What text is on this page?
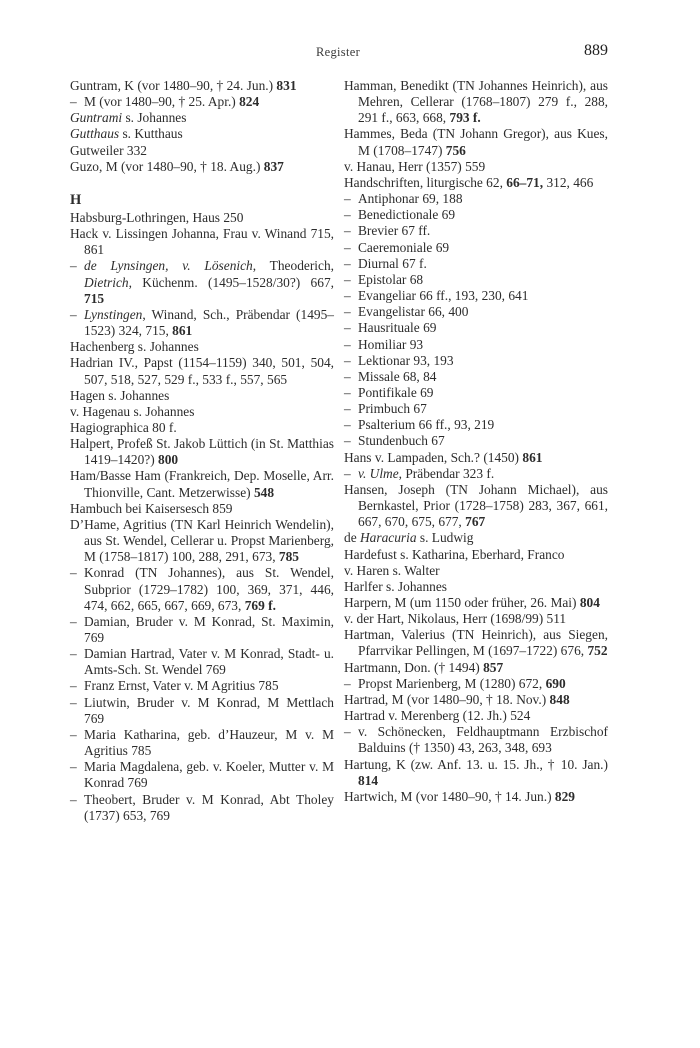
Register	889
Guntram, K (vor 1480–90, † 24. Jun.) 831
– M (vor 1480–90, † 25. Apr.) 824
Guntrami s. Johannes
Gutthaus s. Kutthaus
Gutweiler 332
Guzo, M (vor 1480–90, † 18. Aug.) 837
H
Habsburg-Lothringen, Haus 250
Hack v. Lissingen Johanna, Frau v. Winand 715, 861
– de Lynsingen, v. Lösenich, Theoderich, Dietrich, Küchenm. (1495–1528/30?) 667, 715
– Lynstingen, Winand, Sch., Präbendar (1495–1523) 324, 715, 861
Hachenberg s. Johannes
Hadrian IV., Papst (1154–1159) 340, 501, 504, 507, 518, 527, 529 f., 533 f., 557, 565
Hagen s. Johannes
v. Hagenau s. Johannes
Hagiographica 80 f.
Halpert, Profeß St. Jakob Lüttich (in St. Matthias 1419–1420?) 800
Ham/Basse Ham (Frankreich, Dep. Moselle, Arr. Thionville, Cant. Metzerwisse) 548
Hambuch bei Kaisersesch 859
D’Hame, Agritius (TN Karl Heinrich Wendelin), aus St. Wendel, Cellerar u. Propst Marienberg, M (1758–1817) 100, 288, 291, 673, 785
– Konrad (TN Johannes), aus St. Wendel, Subprior (1729–1782) 100, 369, 371, 446, 474, 662, 665, 667, 669, 673, 769 f.
– Damian, Bruder v. M Konrad, St. Maximin, 769
– Damian Hartrad, Vater v. M Konrad, Stadt- u. Amts-Sch. St. Wendel 769
– Franz Ernst, Vater v. M Agritius 785
– Liutwin, Bruder v. M Konrad, M Mettlach 769
– Maria Katharina, geb. d’Hauzeur, M v. M Agritius 785
– Maria Magdalena, geb. v. Koeler, Mutter v. M Konrad 769
– Theobert, Bruder v. M Konrad, Abt Tholey (1737) 653, 769
Hamman, Benedikt (TN Johannes Heinrich), aus Mehren, Cellerar (1768–1807) 279 f., 288, 291 f., 663, 668, 793 f.
Hammes, Beda (TN Johann Gregor), aus Kues, M (1708–1747) 756
v. Hanau, Herr (1357) 559
Handschriften, liturgische 62, 66–71, 312, 466
– Antiphonar 69, 188
– Benedictionale 69
– Brevier 67 ff.
– Caeremoniale 69
– Diurnal 67 f.
– Epistolar 68
– Evangeliar 66 ff., 193, 230, 641
– Evangelistar 66, 400
– Hausrituale 69
– Homiliar 93
– Lektionar 93, 193
– Missale 68, 84
– Pontifikale 69
– Primbuch 67
– Psalterium 66 ff., 93, 219
– Stundenbuch 67
Hans v. Lampaden, Sch.? (1450) 861
– v. Ulme, Präbendar 323 f.
Hansen, Joseph (TN Johann Michael), aus Bernkastel, Prior (1728–1758) 283, 367, 661, 667, 670, 675, 677, 767
de Haracuria s. Ludwig
Hardefust s. Katharina, Eberhard, Franco
v. Haren s. Walter
Harlfer s. Johannes
Harpern, M (um 1150 oder früher, 26. Mai) 804
v. der Hart, Nikolaus, Herr (1698/99) 511
Hartman, Valerius (TN Heinrich), aus Siegen, Pfarrvikar Pellingen, M (1697–1722) 676, 752
Hartmann, Don. († 1494) 857
– Propst Marienberg, M (1280) 672, 690
Hartrad, M (vor 1480–90, † 18. Nov.) 848
Hartrad v. Merenberg (12. Jh.) 524
– v. Schönecken, Feldhauptmann Erzbischof Balduins († 1350) 43, 263, 348, 693
Hartung, K (zw. Anf. 13. u. 15. Jh., † 10. Jan.) 814
Hartwich, M (vor 1480–90, † 14. Jun.) 829
